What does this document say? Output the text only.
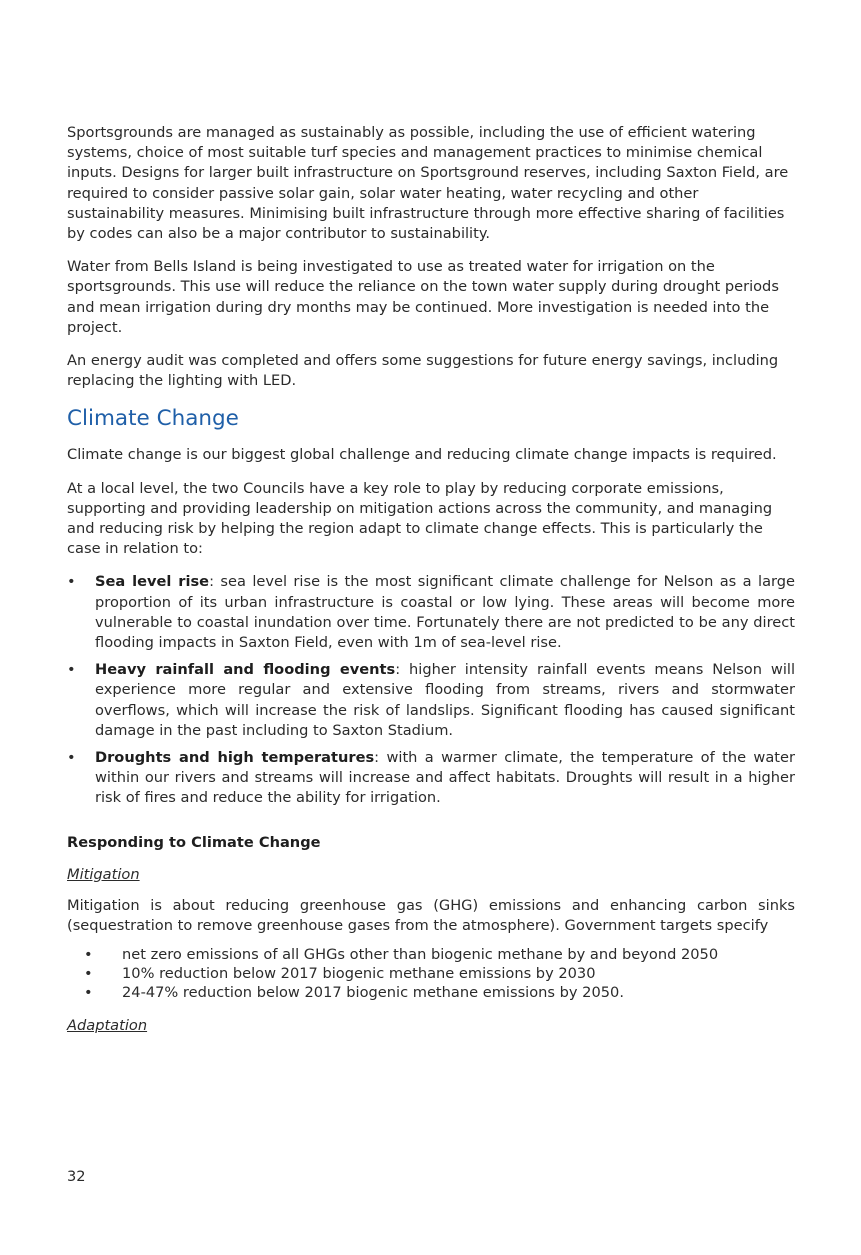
Sportsgrounds are managed as sustainably as possible, including the use of efficient watering systems, choice of most suitable turf species and management practices to minimise chemical inputs. Designs for larger built infrastructure on Sportsground reserves, including Saxton Field, are required to consider passive solar gain, solar water heating, water recycling and other sustainability measures. Minimising built infrastructure through more effective sharing of facilities by codes can also be a major contributor to sustainability.

Water from Bells Island is being investigated to use as treated water for irrigation on the sportsgrounds. This use will reduce the reliance on the town water supply during drought periods and mean irrigation during dry months may be continued. More investigation is needed into the project.

An energy audit was completed and offers some suggestions for future energy savings, including replacing the lighting with LED.

Climate Change

Climate change is our biggest global challenge and reducing climate change impacts is required.

At a local level, the two Councils have a key role to play by reducing corporate emissions, supporting and providing leadership on mitigation actions across the community, and managing and reducing risk by helping the region adapt to climate change effects. This is particularly the case in relation to:

• Sea level rise: sea level rise is the most significant climate challenge for Nelson as a large proportion of its urban infrastructure is coastal or low lying. These areas will become more vulnerable to coastal inundation over time. Fortunately there are not predicted to be any direct flooding impacts in Saxton Field, even with 1m of sea-level rise.
• Heavy rainfall and flooding events: higher intensity rainfall events means Nelson will experience more regular and extensive flooding from streams, rivers and stormwater overflows, which will increase the risk of landslips. Significant flooding has caused significant damage in the past including to Saxton Stadium.
• Droughts and high temperatures: with a warmer climate, the temperature of the water within our rivers and streams will increase and affect habitats. Droughts will result in a higher risk of fires and reduce the ability for irrigation.
Responding to Climate Change
Mitigation

Mitigation is about reducing greenhouse gas (GHG) emissions and enhancing carbon sinks (sequestration to remove greenhouse gases from the atmosphere). Government targets specify

• net zero emissions of all GHGs other than biogenic methane by and beyond 2050
• 10% reduction below 2017 biogenic methane emissions by 2030
• 24-47% reduction below 2017 biogenic methane emissions by 2050.
Adaptation
32
